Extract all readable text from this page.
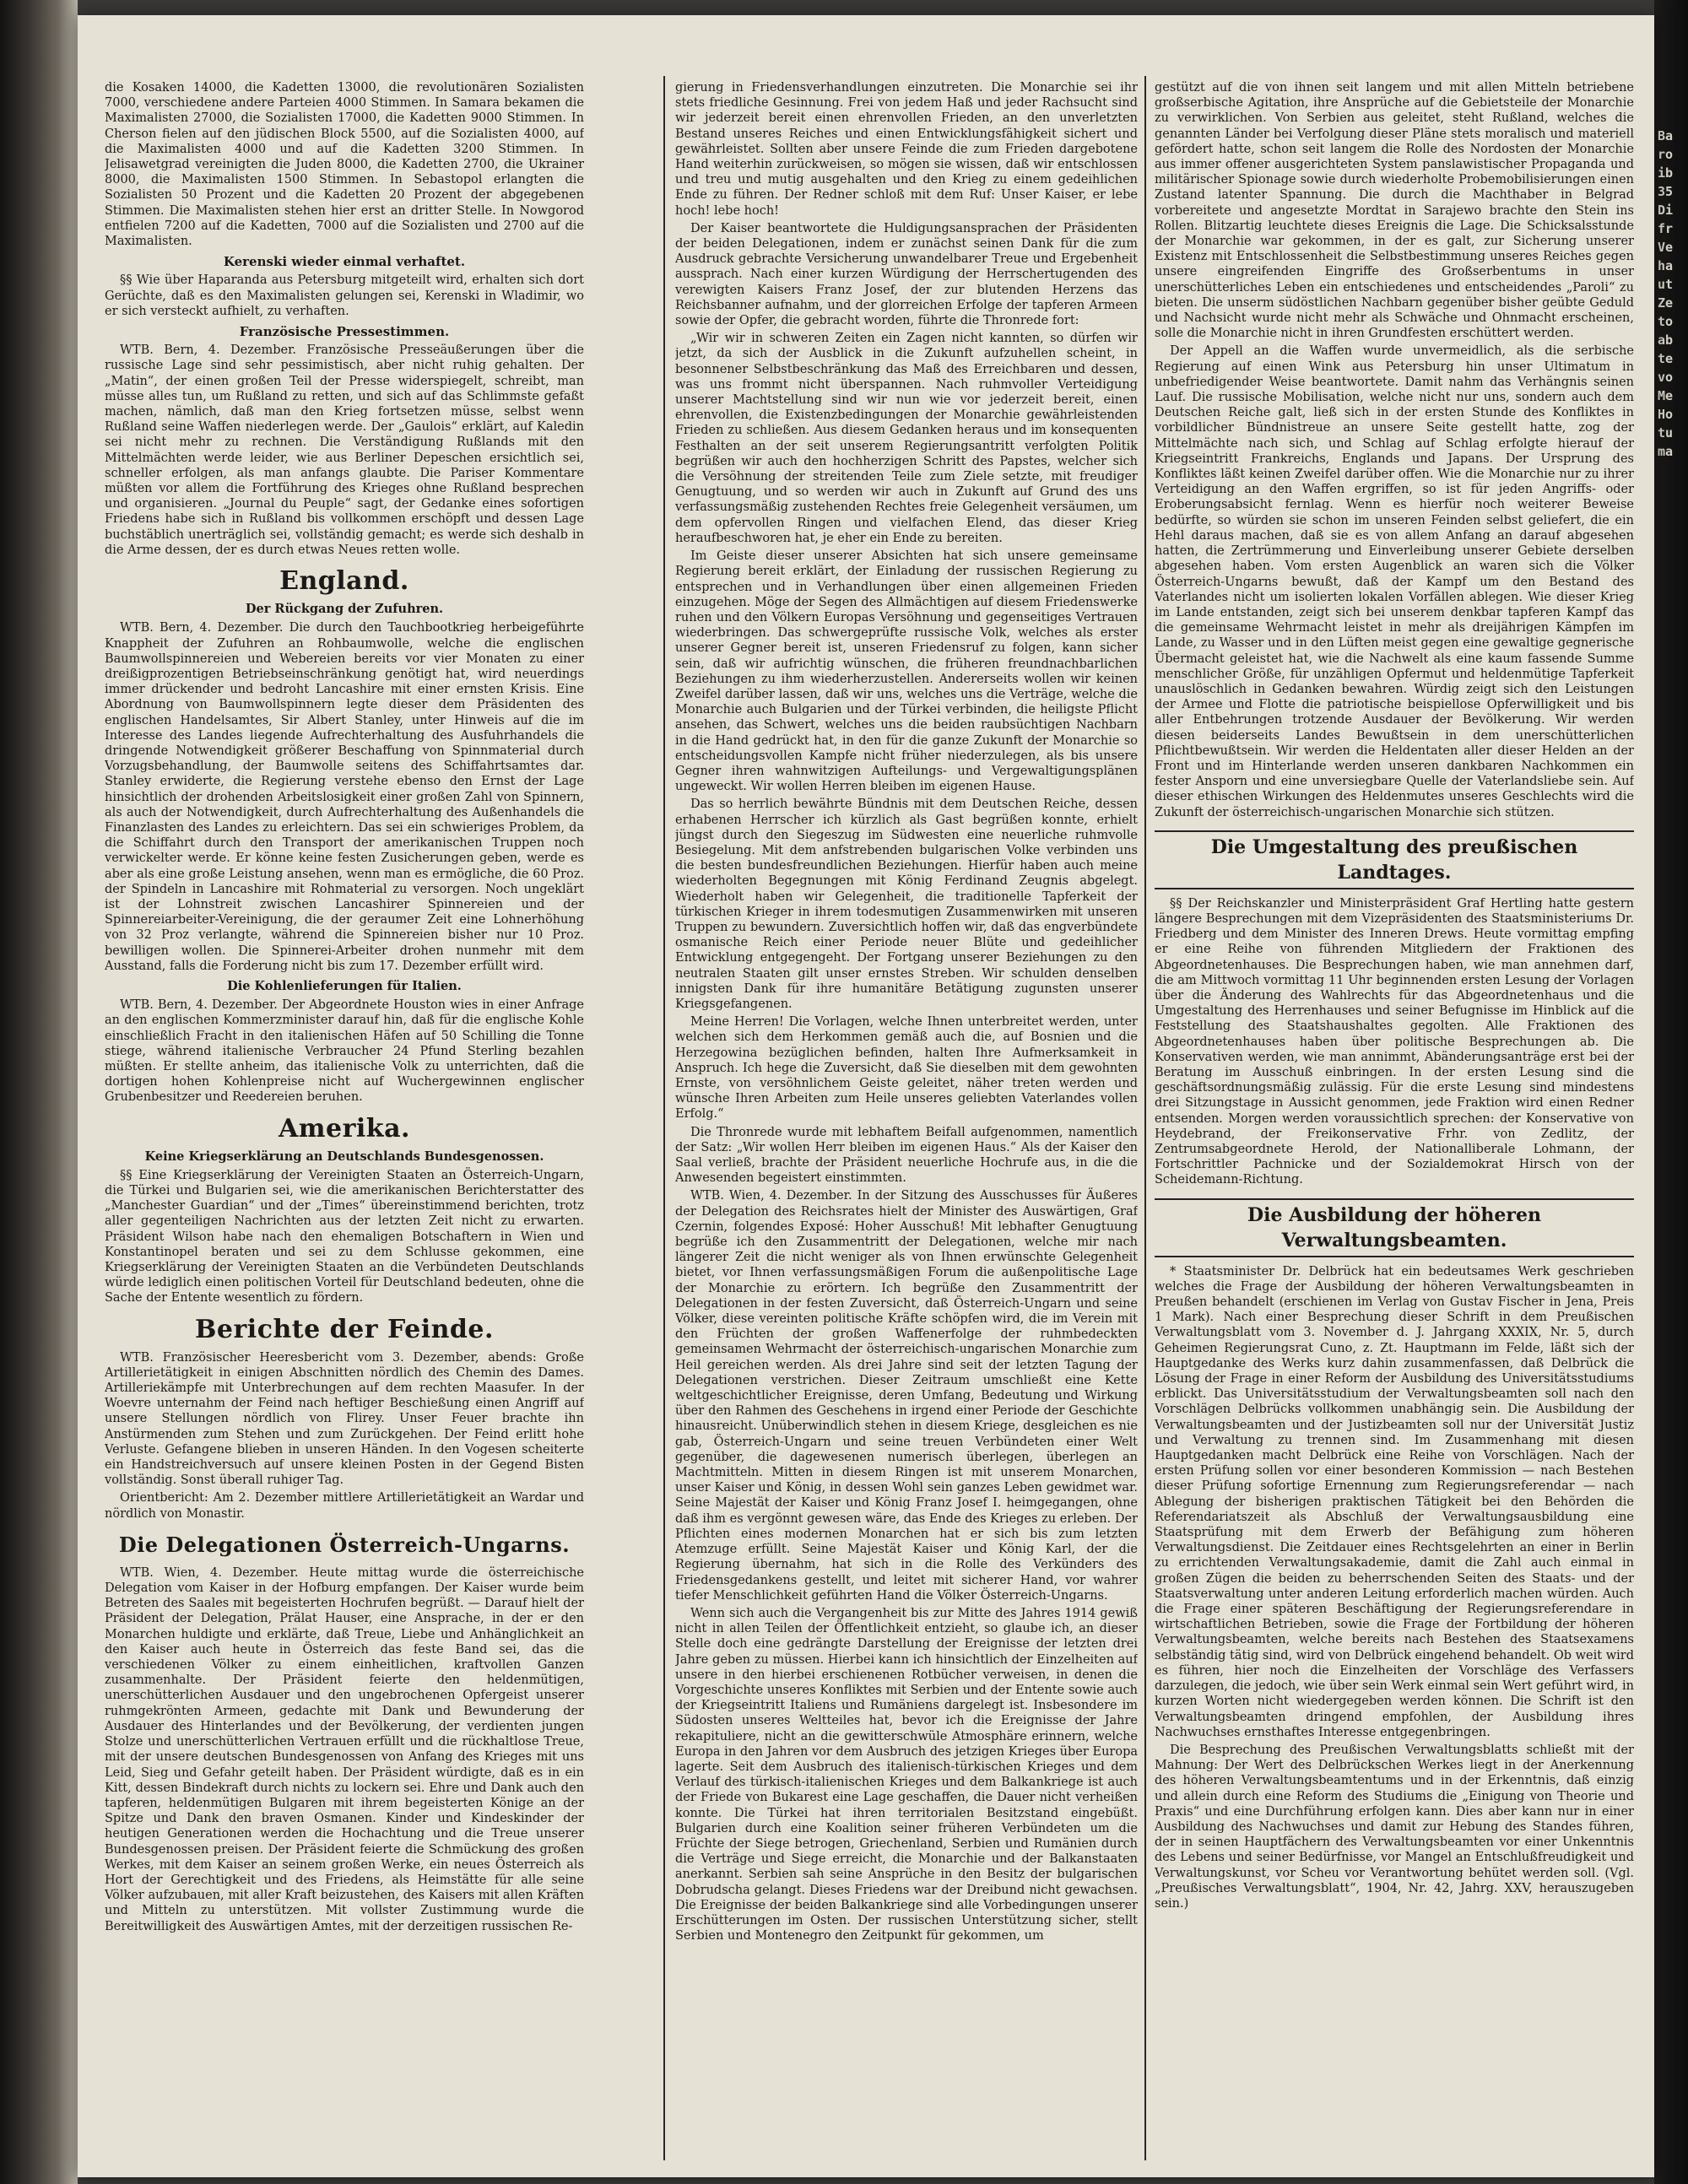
Ba ro ib 35 Di fr Ve ha ut Ze to ab te vo Me Ho tu ma

die Kosaken 14000, die Kadetten 13000, die revolutionären Sozialisten 7000, verschiedene andere Parteien 4000 Stimmen. In Samara bekamen die Maximalisten 27000, die Sozialisten 17000, die Kadetten 9000 Stimmen. In Cherson fielen auf den jüdischen Block 5500, auf die Sozialisten 4000, auf die Maximalisten 4000 und auf die Kadetten 3200 Stimmen. In Jelisawetgrad vereinigten die Juden 8000, die Kadetten 2700, die Ukrainer 8000, die Maximalisten 1500 Stimmen. In Sebastopol erlangten die Sozialisten 50 Prozent und die Kadetten 20 Prozent der abgegebenen Stimmen. Die Maximalisten stehen hier erst an dritter Stelle. In Nowgorod entfielen 7200 auf die Kadetten, 7000 auf die Sozialisten und 2700 auf die Maximalisten.

Kerenski wieder einmal verhaftet.

§§ Wie über Haparanda aus Petersburg mitgeteilt wird, erhalten sich dort Gerüchte, daß es den Maximalisten gelungen sei, Kerenski in Wladimir, wo er sich versteckt aufhielt, zu verhaften.

Französische Pressestimmen.

WTB. Bern, 4. Dezember. Französische Presseäußerungen über die russische Lage sind sehr pessimistisch, aber nicht ruhig gehalten. Der „Matin“, der einen großen Teil der Presse widerspiegelt, schreibt, man müsse alles tun, um Rußland zu retten, und sich auf das Schlimmste gefaßt machen, nämlich, daß man den Krieg fortsetzen müsse, selbst wenn Rußland seine Waffen niederlegen werde. Der „Gaulois“ erklärt, auf Kaledin sei nicht mehr zu rechnen. Die Verständigung Rußlands mit den Mittelmächten werde leider, wie aus Berliner Depeschen ersichtlich sei, schneller erfolgen, als man anfangs glaubte. Die Pariser Kommentare müßten vor allem die Fortführung des Krieges ohne Rußland besprechen und organisieren. „Journal du Peuple“ sagt, der Gedanke eines sofortigen Friedens habe sich in Rußland bis vollkommen erschöpft und dessen Lage buchstäblich unerträglich sei, vollständig gemacht; es werde sich deshalb in die Arme dessen, der es durch etwas Neues retten wolle.

England.
Der Rückgang der Zufuhren.

WTB. Bern, 4. Dezember. Die durch den Tauchbootkrieg herbeigeführte Knappheit der Zufuhren an Rohbaumwolle, welche die englischen Baumwollspinnereien und Webereien bereits vor vier Monaten zu einer dreißigprozentigen Betriebseinschränkung genötigt hat, wird neuerdings immer drückender und bedroht Lancashire mit einer ernsten Krisis. Eine Abordnung von Baumwollspinnern legte dieser dem Präsidenten des englischen Handelsamtes, Sir Albert Stanley, unter Hinweis auf die im Interesse des Landes liegende Aufrechterhaltung des Ausfuhrhandels die dringende Notwendigkeit größerer Beschaffung von Spinnmaterial durch Vorzugsbehandlung, der Baumwolle seitens des Schiffahrtsamtes dar. Stanley erwiderte, die Regierung verstehe ebenso den Ernst der Lage hinsichtlich der drohenden Arbeitslosigkeit einer großen Zahl von Spinnern, als auch der Notwendigkeit, durch Aufrechterhaltung des Außenhandels die Finanzlasten des Landes zu erleichtern. Das sei ein schwieriges Problem, da die Schiffahrt durch den Transport der amerikanischen Truppen noch verwickelter werde. Er könne keine festen Zusicherungen geben, werde es aber als eine große Leistung ansehen, wenn man es ermögliche, die 60 Proz. der Spindeln in Lancashire mit Rohmaterial zu versorgen. Noch ungeklärt ist der Lohnstreit zwischen Lancashirer Spinnereien und der Spinnereiarbeiter-Vereinigung, die der geraumer Zeit eine Lohnerhöhung von 32 Proz verlangte, während die Spinnereien bisher nur 10 Proz. bewilligen wollen. Die Spinnerei-Arbeiter drohen nunmehr mit dem Ausstand, falls die Forderung nicht bis zum 17. Dezember erfüllt wird.

Die Kohlenlieferungen für Italien.

WTB. Bern, 4. Dezember. Der Abgeordnete Houston wies in einer Anfrage an den englischen Kommerzminister darauf hin, daß für die englische Kohle einschließlich Fracht in den italienischen Häfen auf 50 Schilling die Tonne stiege, während italienische Verbraucher 24 Pfund Sterling bezahlen müßten. Er stellte anheim, das italienische Volk zu unterrichten, daß die dortigen hohen Kohlenpreise nicht auf Wuchergewinnen englischer Grubenbesitzer und Reedereien beruhen.

Amerika.
Keine Kriegserklärung an Deutschlands Bundesgenossen.

§§ Eine Kriegserklärung der Vereinigten Staaten an Österreich-Ungarn, die Türkei und Bulgarien sei, wie die amerikanischen Berichterstatter des „Manchester Guardian“ und der „Times“ übereinstimmend berichten, trotz aller gegenteiligen Nachrichten aus der letzten Zeit nicht zu erwarten. Präsident Wilson habe nach den ehemaligen Botschaftern in Wien und Konstantinopel beraten und sei zu dem Schlusse gekommen, eine Kriegserklärung der Vereinigten Staaten an die Verbündeten Deutschlands würde lediglich einen politischen Vorteil für Deutschland bedeuten, ohne die Sache der Entente wesentlich zu fördern.

Berichte der Feinde.

WTB. Französischer Heeresbericht vom 3. Dezember, abends: Große Artillerietätigkeit in einigen Abschnitten nördlich des Chemin des Dames. Artilleriekämpfe mit Unterbrechungen auf dem rechten Maasufer. In der Woevre unternahm der Feind nach heftiger Beschießung einen Angriff auf unsere Stellungen nördlich von Flirey. Unser Feuer brachte ihn Anstürmenden zum Stehen und zum Zurückgehen. Der Feind erlitt hohe Verluste. Gefangene blieben in unseren Händen. In den Vogesen scheiterte ein Handstreichversuch auf unsere kleinen Posten in der Gegend Bisten vollständig. Sonst überall ruhiger Tag.

Orientbericht: Am 2. Dezember mittlere Artillerietätigkeit an Wardar und nördlich von Monastir.

Die Delegationen Österreich-Ungarns.

WTB. Wien, 4. Dezember. Heute mittag wurde die österreichische Delegation vom Kaiser in der Hofburg empfangen. Der Kaiser wurde beim Betreten des Saales mit begeisterten Hochrufen begrüßt. — Darauf hielt der Präsident der Delegation, Prälat Hauser, eine Ansprache, in der er den Monarchen huldigte und erklärte, daß Treue, Liebe und Anhänglichkeit an den Kaiser auch heute in Österreich das feste Band sei, das die verschiedenen Völker zu einem einheitlichen, kraftvollen Ganzen zusammenhalte. Der Präsident feierte den heldenmütigen, unerschütterlichen Ausdauer und den ungebrochenen Opfergeist unserer ruhmgekrönten Armeen, gedachte mit Dank und Bewunderung der Ausdauer des Hinterlandes und der Bevölkerung, der verdienten jungen Stolze und unerschütterlichen Vertrauen erfüllt und die rückhaltlose Treue, mit der unsere deutschen Bundesgenossen von Anfang des Krieges mit uns Leid, Sieg und Gefahr geteilt haben. Der Präsident würdigte, daß es in ein Kitt, dessen Bindekraft durch nichts zu lockern sei. Ehre und Dank auch den tapferen, heldenmütigen Bulgaren mit ihrem begeisterten Könige an der Spitze und Dank den braven Osmanen. Kinder und Kindeskinder der heutigen Generationen werden die Hochachtung und die Treue unserer Bundesgenossen preisen. Der Präsident feierte die Schmückung des großen Werkes, mit dem Kaiser an seinem großen Werke, ein neues Österreich als Hort der Gerechtigkeit und des Friedens, als Heimstätte für alle seine Völker aufzubauen, mit aller Kraft beizustehen, des Kaisers mit allen Kräften und Mitteln zu unterstützen. Mit vollster Zustimmung wurde die Bereitwilligkeit des Auswärtigen Amtes, mit der derzeitigen russischen Re-

gierung in Friedensverhandlungen einzutreten. Die Monarchie sei ihr stets friedliche Gesinnung. Frei von jedem Haß und jeder Rachsucht sind wir jederzeit bereit einen ehrenvollen Frieden, an den unverletzten Bestand unseres Reiches und einen Entwicklungsfähigkeit sichert und gewährleistet. Sollten aber unsere Feinde die zum Frieden dargebotene Hand weiterhin zurückweisen, so mögen sie wissen, daß wir entschlossen und treu und mutig ausgehalten und den Krieg zu einem gedeihlichen Ende zu führen. Der Redner schloß mit dem Ruf: Unser Kaiser, er lebe hoch! lebe hoch!

Der Kaiser beantwortete die Huldigungsansprachen der Präsidenten der beiden Delegationen, indem er zunächst seinen Dank für die zum Ausdruck gebrachte Versicherung unwandelbarer Treue und Ergebenheit aussprach. Nach einer kurzen Würdigung der Herrschertugenden des verewigten Kaisers Franz Josef, der zur blutenden Herzens das Reichsbanner aufnahm, und der glorreichen Erfolge der tapferen Armeen sowie der Opfer, die gebracht worden, führte die Thronrede fort:

„Wir wir in schweren Zeiten ein Zagen nicht kannten, so dürfen wir jetzt, da sich der Ausblick in die Zukunft aufzuhellen scheint, in besonnener Selbstbeschränkung das Maß des Erreichbaren und dessen, was uns frommt nicht überspannen. Nach ruhmvoller Verteidigung unserer Machtstellung sind wir nun wie vor jederzeit bereit, einen ehrenvollen, die Existenzbedingungen der Monarchie gewährleistenden Frieden zu schließen. Aus diesem Gedanken heraus und im konsequenten Festhalten an der seit unserem Regierungsantritt verfolgten Politik begrüßen wir auch den hochherzigen Schritt des Papstes, welcher sich die Versöhnung der streitenden Teile zum Ziele setzte, mit freudiger Genugtuung, und so werden wir auch in Zukunft auf Grund des uns verfassungsmäßig zustehenden Rechtes freie Gelegenheit versäumen, um dem opfervollen Ringen und vielfachen Elend, das dieser Krieg heraufbeschworen hat, je eher ein Ende zu bereiten.

Im Geiste dieser unserer Absichten hat sich unsere gemeinsame Regierung bereit erklärt, der Einladung der russischen Regierung zu entsprechen und in Verhandlungen über einen allgemeinen Frieden einzugehen. Möge der Segen des Allmächtigen auf diesem Friedenswerke ruhen und den Völkern Europas Versöhnung und gegenseitiges Vertrauen wiederbringen. Das schwergeprüfte russische Volk, welches als erster unserer Gegner bereit ist, unseren Friedensruf zu folgen, kann sicher sein, daß wir aufrichtig wünschen, die früheren freundnachbarlichen Beziehungen zu ihm wiederherzustellen. Andererseits wollen wir keinen Zweifel darüber lassen, daß wir uns, welches uns die Verträge, welche die Monarchie auch Bulgarien und der Türkei verbinden, die heiligste Pflicht ansehen, das Schwert, welches uns die beiden raubsüchtigen Nachbarn in die Hand gedrückt hat, in den für die ganze Zukunft der Monarchie so entscheidungsvollen Kampfe nicht früher niederzulegen, als bis unsere Gegner ihren wahnwitzigen Aufteilungs- und Vergewaltigungsplänen ungeweckt. Wir wollen Herren bleiben im eigenen Hause.

Das so herrlich bewährte Bündnis mit dem Deutschen Reiche, dessen erhabenen Herrscher ich kürzlich als Gast begrüßen konnte, erhielt jüngst durch den Siegeszug im Südwesten eine neuerliche ruhmvolle Besiegelung. Mit dem anfstrebenden bulgarischen Volke verbinden uns die besten bundesfreundlichen Beziehungen. Hierfür haben auch meine wiederholten Begegnungen mit König Ferdinand Zeugnis abgelegt. Wiederholt haben wir Gelegenheit, die traditionelle Tapferkeit der türkischen Krieger in ihrem todesmutigen Zusammenwirken mit unseren Truppen zu bewundern. Zuversichtlich hoffen wir, daß das engverbündete osmanische Reich einer Periode neuer Blüte und gedeihlicher Entwicklung entgegengeht. Der Fortgang unserer Beziehungen zu den neutralen Staaten gilt unser ernstes Streben. Wir schulden denselben innigsten Dank für ihre humanitäre Betätigung zugunsten unserer Kriegsgefangenen.

Meine Herren! Die Vorlagen, welche Ihnen unterbreitet werden, unter welchen sich dem Herkommen gemäß auch die, auf Bosnien und die Herzegowina bezüglichen befinden, halten Ihre Aufmerksamkeit in Anspruch. Ich hege die Zuversicht, daß Sie dieselben mit dem gewohnten Ernste, von versöhnlichem Geiste geleitet, näher treten werden und wünsche Ihren Arbeiten zum Heile unseres geliebten Vaterlandes vollen Erfolg.“

Die Thronrede wurde mit lebhaftem Beifall aufgenommen, namentlich der Satz: „Wir wollen Herr bleiben im eigenen Haus.“ Als der Kaiser den Saal verließ, brachte der Präsident neuerliche Hochrufe aus, in die die Anwesenden begeistert einstimmten.

WTB. Wien, 4. Dezember. In der Sitzung des Ausschusses für Äußeres der Delegation des Reichsrates hielt der Minister des Auswärtigen, Graf Czernin, folgendes Exposé: Hoher Ausschuß! Mit lebhafter Genugtuung begrüße ich den Zusammentritt der Delegationen, welche mir nach längerer Zeit die nicht weniger als von Ihnen erwünschte Gelegenheit bietet, vor Ihnen verfassungsmäßigen Forum die außenpolitische Lage der Monarchie zu erörtern. Ich begrüße den Zusammentritt der Delegationen in der festen Zuversicht, daß Österreich-Ungarn und seine Völker, diese vereinten politische Kräfte schöpfen wird, die im Verein mit den Früchten der großen Waffenerfolge der ruhmbedeckten gemeinsamen Wehrmacht der österreichisch-ungarischen Monarchie zum Heil gereichen werden. Als drei Jahre sind seit der letzten Tagung der Delegationen verstrichen. Dieser Zeitraum umschließt eine Kette weltgeschichtlicher Ereignisse, deren Umfang, Bedeutung und Wirkung über den Rahmen des Geschehens in irgend einer Periode der Geschichte hinausreicht. Unüberwindlich stehen in diesem Kriege, desgleichen es nie gab, Österreich-Ungarn und seine treuen Verbündeten einer Welt gegenüber, die dagewesenen numerisch überlegen, überlegen an Machtmitteln. Mitten in diesem Ringen ist mit unserem Monarchen, unser Kaiser und König, in dessen Wohl sein ganzes Leben gewidmet war. Seine Majestät der Kaiser und König Franz Josef I. heimgegangen, ohne daß ihm es vergönnt gewesen wäre, das Ende des Krieges zu erleben. Der Pflichten eines modernen Monarchen hat er sich bis zum letzten Atemzuge erfüllt. Seine Majestät Kaiser und König Karl, der die Regierung übernahm, hat sich in die Rolle des Verkünders des Friedensgedankens gestellt, und leitet mit sicherer Hand, vor wahrer tiefer Menschlichkeit geführten Hand die Völker Österreich-Ungarns.

Wenn sich auch die Vergangenheit bis zur Mitte des Jahres 1914 gewiß nicht in allen Teilen der Öffentlichkeit entzieht, so glaube ich, an dieser Stelle doch eine gedrängte Darstellung der Ereignisse der letzten drei Jahre geben zu müssen. Hierbei kann ich hinsichtlich der Einzelheiten auf unsere in den hierbei erschienenen Rotbücher verweisen, in denen die Vorgeschichte unseres Konfliktes mit Serbien und der Entente sowie auch der Kriegseintritt Italiens und Rumäniens dargelegt ist. Insbesondere im Südosten unseres Weltteiles hat, bevor ich die Ereignisse der Jahre rekapituliere, nicht an die gewitterschwüle Atmosphäre erinnern, welche Europa in den Jahren vor dem Ausbruch des jetzigen Krieges über Europa lagerte. Seit dem Ausbruch des italienisch-türkischen Krieges und dem Verlauf des türkisch-italienischen Krieges und dem Balkankriege ist auch der Friede von Bukarest eine Lage geschaffen, die Dauer nicht verheißen konnte. Die Türkei hat ihren territorialen Besitzstand eingebüßt. Bulgarien durch eine Koalition seiner früheren Verbündeten um die Früchte der Siege betrogen, Griechenland, Serbien und Rumänien durch die Verträge und Siege erreicht, die Monarchie und der Balkanstaaten anerkannt. Serbien sah seine Ansprüche in den Besitz der bulgarischen Dobrudscha gelangt. Dieses Friedens war der Dreibund nicht gewachsen. Die Ereignisse der beiden Balkankriege sind alle Vorbedingungen unserer Erschütterungen im Osten. Der russischen Unterstützung sicher, stellt Serbien und Montenegro den Zeitpunkt für gekommen, um

gestützt auf die von ihnen seit langem und mit allen Mitteln betriebene großserbische Agitation, ihre Ansprüche auf die Gebietsteile der Monarchie zu verwirklichen. Von Serbien aus geleitet, steht Rußland, welches die genannten Länder bei Verfolgung dieser Pläne stets moralisch und materiell gefördert hatte, schon seit langem die Rolle des Nordosten der Monarchie aus immer offener ausgerichteten System panslawistischer Propaganda und militärischer Spionage sowie durch wiederholte Probemobilisierungen einen Zustand latenter Spannung. Die durch die Machthaber in Belgrad vorbereitete und angesetzte Mordtat in Sarajewo brachte den Stein ins Rollen. Blitzartig leuchtete dieses Ereignis die Lage. Die Schicksalsstunde der Monarchie war gekommen, in der es galt, zur Sicherung unserer Existenz mit Entschlossenheit die Selbstbestimmung unseres Reiches gegen unsere eingreifenden Eingriffe des Großserbentums in unser unerschütterliches Leben ein entschiedenes und entscheidendes „Paroli“ zu bieten. Die unserm südöstlichen Nachbarn gegenüber bisher geübte Geduld und Nachsicht wurde nicht mehr als Schwäche und Ohnmacht erscheinen, solle die Monarchie nicht in ihren Grundfesten erschüttert werden.

Der Appell an die Waffen wurde unvermeidlich, als die serbische Regierung auf einen Wink aus Petersburg hin unser Ultimatum in unbefriedigender Weise beantwortete. Damit nahm das Verhängnis seinen Lauf. Die russische Mobilisation, welche nicht nur uns, sondern auch dem Deutschen Reiche galt, ließ sich in der ersten Stunde des Konfliktes in vorbildlicher Bündnistreue an unsere Seite gestellt hatte, zog der Mittelmächte nach sich, und Schlag auf Schlag erfolgte hierauf der Kriegseintritt Frankreichs, Englands und Japans. Der Ursprung des Konfliktes läßt keinen Zweifel darüber offen. Wie die Monarchie nur zu ihrer Verteidigung an den Waffen ergriffen, so ist für jeden Angriffs- oder Eroberungsabsicht fernlag. Wenn es hierfür noch weiterer Beweise bedürfte, so würden sie schon im unseren Feinden selbst geliefert, die ein Hehl daraus machen, daß sie es von allem Anfang an darauf abgesehen hatten, die Zertrümmerung und Einverleibung unserer Gebiete derselben abgesehen haben. Vom ersten Augenblick an waren sich die Völker Österreich-Ungarns bewußt, daß der Kampf um den Bestand des Vaterlandes nicht um isolierten lokalen Vorfällen ablegen. Wie dieser Krieg im Lande entstanden, zeigt sich bei unserem denkbar tapferen Kampf das die gemeinsame Wehrmacht leistet in mehr als dreijährigen Kämpfen im Lande, zu Wasser und in den Lüften meist gegen eine gewaltige gegnerische Übermacht geleistet hat, wie die Nachwelt als eine kaum fassende Summe menschlicher Größe, für unzähligen Opfermut und heldenmütige Tapferkeit unauslöschlich in Gedanken bewahren. Würdig zeigt sich den Leistungen der Armee und Flotte die patriotische beispiellose Opferwilligkeit und bis aller Entbehrungen trotzende Ausdauer der Bevölkerung. Wir werden diesen beiderseits Landes Bewußtsein in dem unerschütterlichen Pflichtbewußtsein. Wir werden die Heldentaten aller dieser Helden an der Front und im Hinterlande werden unseren dankbaren Nachkommen ein fester Ansporn und eine unversiegbare Quelle der Vaterlandsliebe sein. Auf dieser ethischen Wirkungen des Heldenmutes unseres Geschlechts wird die Zukunft der österreichisch-ungarischen Monarchie sich stützen.

Die Umgestaltung des preußischen Landtages.

§§ Der Reichskanzler und Ministerpräsident Graf Hertling hatte gestern längere Besprechungen mit dem Vizepräsidenten des Staatsministeriums Dr. Friedberg und dem Minister des Inneren Drews. Heute vormittag empfing er eine Reihe von führenden Mitgliedern der Fraktionen des Abgeordnetenhauses. Die Besprechungen haben, wie man annehmen darf, die am Mittwoch vormittag 11 Uhr beginnenden ersten Lesung der Vorlagen über die Änderung des Wahlrechts für das Abgeordnetenhaus und die Umgestaltung des Herrenhauses und seiner Befugnisse im Hinblick auf die Feststellung des Staatshaushaltes gegolten. Alle Fraktionen des Abgeordnetenhauses haben über politische Besprechungen ab. Die Konservativen werden, wie man annimmt, Abänderungsanträge erst bei der Beratung im Ausschuß einbringen. In der ersten Lesung sind die geschäftsordnungsmäßig zulässig. Für die erste Lesung sind mindestens drei Sitzungstage in Aussicht genommen, jede Fraktion wird einen Redner entsenden. Morgen werden voraussichtlich sprechen: der Konservative von Heydebrand, der Freikonservative Frhr. von Zedlitz, der Zentrumsabgeordnete Herold, der Nationalliberale Lohmann, der Fortschrittler Pachnicke und der Sozialdemokrat Hirsch von der Scheidemann-Richtung.

Die Ausbildung der höheren Verwaltungsbeamten.

* Staatsminister Dr. Delbrück hat ein bedeutsames Werk geschrieben welches die Frage der Ausbildung der höheren Verwaltungsbeamten in Preußen behandelt (erschienen im Verlag von Gustav Fischer in Jena, Preis 1 Mark). Nach einer Besprechung dieser Schrift in dem Preußischen Verwaltungsblatt vom 3. November d. J. Jahrgang XXXIX, Nr. 5, durch Geheimen Regierungsrat Cuno, z. Zt. Hauptmann im Felde, läßt sich der Hauptgedanke des Werks kurz dahin zusammenfassen, daß Delbrück die Lösung der Frage in einer Reform der Ausbildung des Universitätsstudiums erblickt. Das Universitätsstudium der Verwaltungsbeamten soll nach den Vorschlägen Delbrücks vollkommen unabhängig sein. Die Ausbildung der Verwaltungsbeamten und der Justizbeamten soll nur der Universität Justiz und Verwaltung zu trennen sind. Im Zusammenhang mit diesen Hauptgedanken macht Delbrück eine Reihe von Vorschlägen. Nach der ersten Prüfung sollen vor einer besonderen Kommission — nach Bestehen dieser Prüfung sofortige Ernennung zum Regierungsreferendar — nach Ablegung der bisherigen praktischen Tätigkeit bei den Behörden die Referendariatszeit als Abschluß der Verwaltungsausbildung eine Staatsprüfung mit dem Erwerb der Befähigung zum höheren Verwaltungsdienst. Die Zeitdauer eines Rechtsgelehrten an einer in Berlin zu errichtenden Verwaltungsakademie, damit die Zahl auch einmal in großen Zügen die beiden zu beherrschenden Seiten des Staats- und der Staatsverwaltung unter anderen Leitung erforderlich machen würden. Auch die Frage einer späteren Beschäftigung der Regierungsreferendare in wirtschaftlichen Betrieben, sowie die Frage der Fortbildung der höheren Verwaltungsbeamten, welche bereits nach Bestehen des Staatsexamens selbständig tätig sind, wird von Delbrück eingehend behandelt. Ob weit wird es führen, hier noch die Einzelheiten der Vorschläge des Verfassers darzulegen, die jedoch, wie über sein Werk einmal sein Wert geführt wird, in kurzen Worten nicht wiedergegeben werden können. Die Schrift ist den Verwaltungsbeamten dringend empfohlen, der Ausbildung ihres Nachwuchses ernsthaftes Interesse entgegenbringen.

Die Besprechung des Preußischen Verwaltungsblatts schließt mit der Mahnung: Der Wert des Delbrückschen Werkes liegt in der Anerkennung des höheren Verwaltungsbeamtentums und in der Erkenntnis, daß einzig und allein durch eine Reform des Studiums die „Einigung von Theorie und Praxis“ und eine Durchführung erfolgen kann. Dies aber kann nur in einer Ausbildung des Nachwuchses und damit zur Hebung des Standes führen, der in seinen Hauptfächern des Verwaltungsbeamten vor einer Unkenntnis des Lebens und seiner Bedürfnisse, vor Mangel an Entschlußfreudigkeit und Verwaltungskunst, vor Scheu vor Verantwortung behütet werden soll. (Vgl. „Preußisches Verwaltungsblatt“, 1904, Nr. 42, Jahrg. XXV, herauszugeben sein.)
